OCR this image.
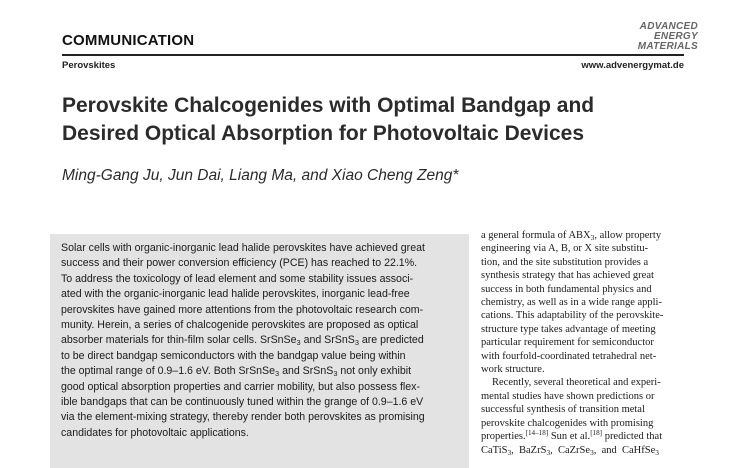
COMMUNICATION
ADVANCED
ENERGY
MATERIALS
Perovskites	www.advenergymat.de
Perovskite Chalcogenides with Optimal Bandgap and
Desired Optical Absorption for Photovoltaic Devices
Ming-Gang Ju, Jun Dai, Liang Ma, and Xiao Cheng Zeng*
Solar cells with organic-inorganic lead halide perovskites have achieved great
success and their power conversion efficiency (PCE) has reached to 22.1%.
To address the toxicology of lead element and some stability issues associ-
ated with the organic-inorganic lead halide perovskites, inorganic lead-free
perovskites have gained more attentions from the photovoltaic research com-
munity. Herein, a series of chalcogenide perovskites are proposed as optical
absorber materials for thin-film solar cells. SrSnSe$_3$ and SrSnS$_3$ are predicted
to be direct bandgap semiconductors with the bandgap value being within
the optimal range of 0.9–1.6 eV. Both SrSnSe$_3$ and SrSnS$_3$ not only exhibit
good optical absorption properties and carrier mobility, but also possess flex-
ible bandgaps that can be continuously tuned within the grange of 0.9–1.6 eV
via the element-mixing strategy, thereby render both perovskites as promising
candidates for photovoltaic applications.
a general formula of $ABX_3$, allow property
engineering via A, B, or X site substitu-
tion, and the site substitution provides a
synthesis strategy that has achieved great
success in both fundamental physics and
chemistry, as well as in a wide range appli-
cations. This adaptability of the perovskite-
structure type takes advantage of meeting
particular requirement for semiconductor
with fourfold-coordinated tetrahedral net-
work structure.
Recently, several theoretical and experi-
mental studies have shown predictions or
successful synthesis of transition metal
perovskite chalcogenides with promising
properties.[14–18] Sun et al.[18] predicted that
CaTiS$_3$,  BaZrS$_3$,  CaZrSe$_3$,  and  CaHfSe$_3$
